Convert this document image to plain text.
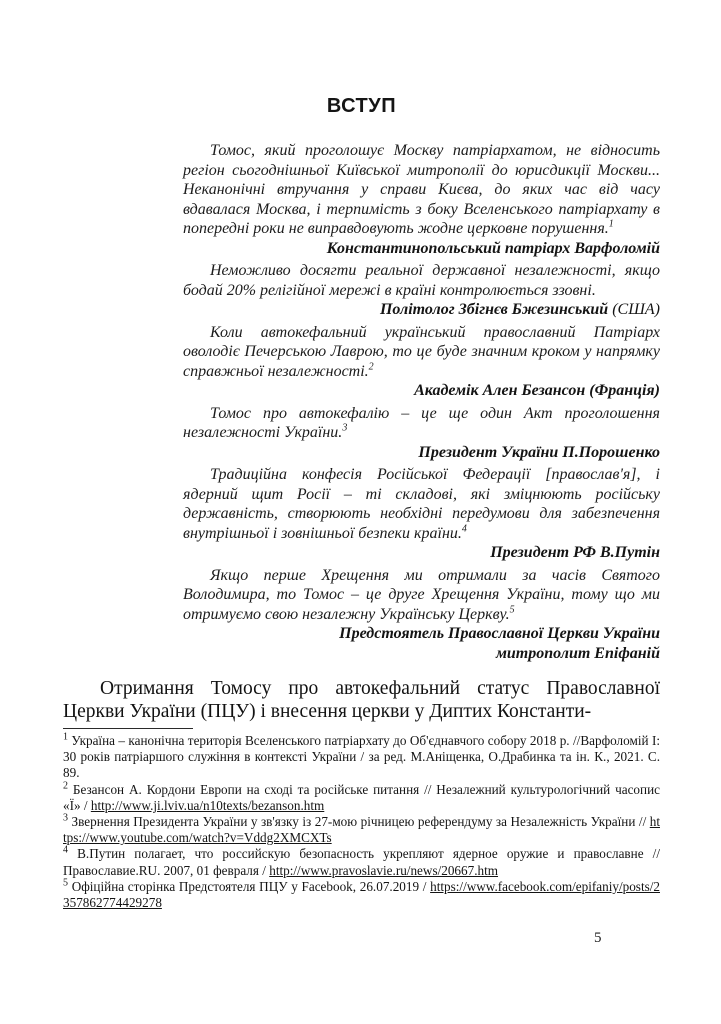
ВСТУП

Томос, який проголошує Москву патріархатом, не відносить регіон сьогоднішньої Київської митрополії до юрисдикції Москви... Неканонічні втручання у справи Києва, до яких час від часу вдавалася Москва, і терпимість з боку Вселенського патріархату в попередні роки не виправдовують жодне церковне порушення.$^1$

Константинопольський патріарх Варфоломій

Неможливо досягти реальної державної незалежності, якщо бодай 20% релігійної мережі в країні контролюється ззовні.

Політолог Збігнєв Бжезинський (США)

Коли автокефальний український православний Патріарх оволодіє Печерською Лаврою, то це буде значним кроком у напрямку справжньої незалежності.$^2$

Академік Ален Безансон (Франція)

Томос про автокефалію – це ще один Акт проголошення незалежності України.$^3$

Президент України П.Порошенко

Традиційна конфесія Російської Федерації [православ'я], і ядерний щит Росії – ті складові, які зміцнюють російську державність, створюють необхідні передумови для забезпечення внутрішньої і зовнішньої безпеки країни.$^4$

Президент РФ В.Путін

Якщо перше Хрещення ми отримали за часів Святого Володимира, то Томос – це друге Хрещення України, тому що ми отримуємо свою незалежну Українську Церкву.$^5$

Предстоятель Православної Церкви України
митрополит Епіфаній

Отримання Томосу про автокефальний статус Православної Церкви України (ПЦУ) і внесення церкви у Диптих Константи-

$^1$ Україна – канонічна територія Вселенського патріархату до Об'єднавчого собору 2018 р. //Варфоломій І: 30 років патріаршого служіння в контексті України / за ред. М.Аніщенка, О.Драбинка та ін. К., 2021. С. 89.

$^2$ Безансон А. Кордони Европи на сході та російське питання // Незалежний культурологічний часопис «Ї» / http://www.ji.lviv.ua/n10texts/bezanson.htm

$^3$ Звернення Президента України у зв'язку із 27-мою річницею референдуму за Незалежність України // https://www.youtube.com/watch?v=Vddg2XMCXTs

$^4$ В.Путин полагает, что российскую безопасность укрепляют ядерное оружие и православне // Православие.RU. 2007, 01 февраля / http://www.pravoslavie.ru/news/20667.htm

$^5$ Офіційна сторінка Предстоятеля ПЦУ у Facebook, 26.07.2019 / https://www.facebook.com/epifaniy/posts/2357862774429278

5
